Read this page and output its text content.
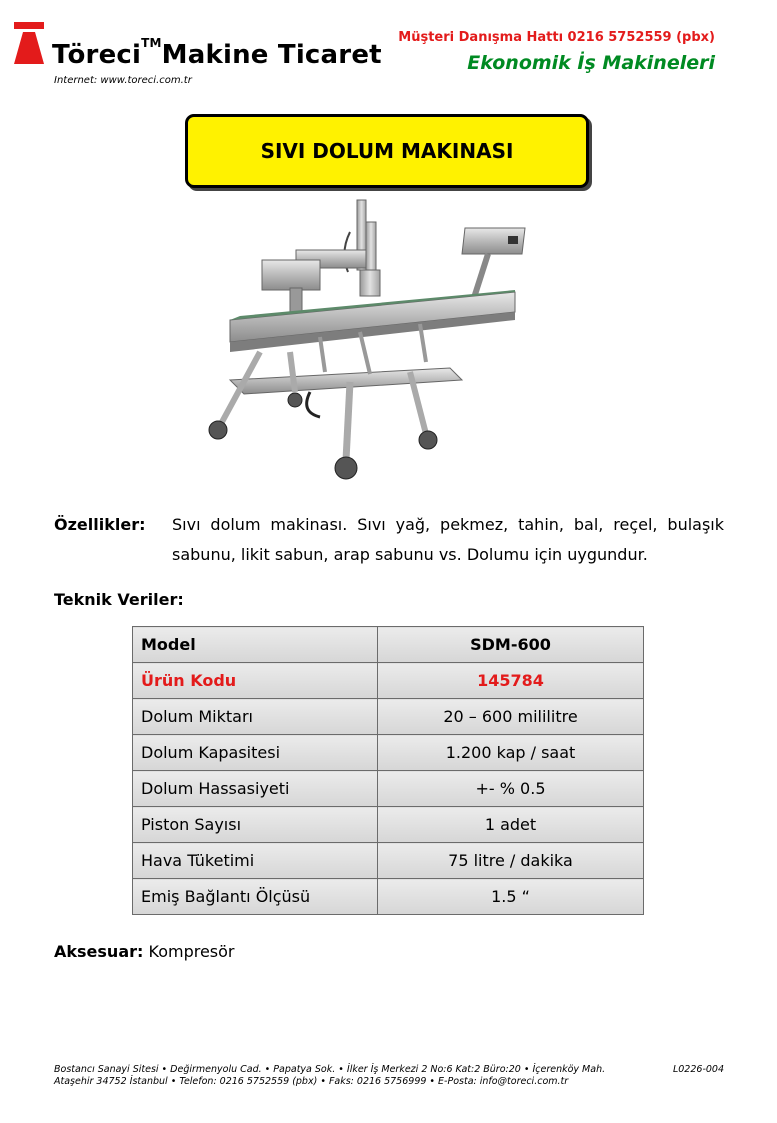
Töreci™Makine Ticaret
Internet: www.toreci.com.tr
Müşteri Danışma Hattı 0216 5752559 (pbx)
Ekonomik İş Makineleri
SIVI DOLUM MAKINASI
Özellikler: Sıvı dolum makinası. Sıvı yağ, pekmez, tahin, bal, reçel, bulaşık sabunu, likit sabun, arap sabunu vs. Dolumu için uygundur.
Teknik Veriler:
Model	SDM-600
Ürün Kodu	145784
Dolum Miktarı	20 – 600 mililitre
Dolum Kapasitesi	1.200 kap / saat
Dolum Hassasiyeti	+- % 0.5
Piston Sayısı	1 adet
Hava Tüketimi	75 litre / dakika
Emiş Bağlantı Ölçüsü	1.5 “
Aksesuar: Kompresör
Bostancı Sanayi Sitesi • Değirmenyolu Cad. • Papatya Sok. • İlker İş Merkezi 2 No:6 Kat:2 Büro:20 • İçerenköy Mah.
Ataşehir 34752 İstanbul • Telefon: 0216 5752559 (pbx) • Faks: 0216 5756999 • E-Posta: info@toreci.com.tr
L0226-004
